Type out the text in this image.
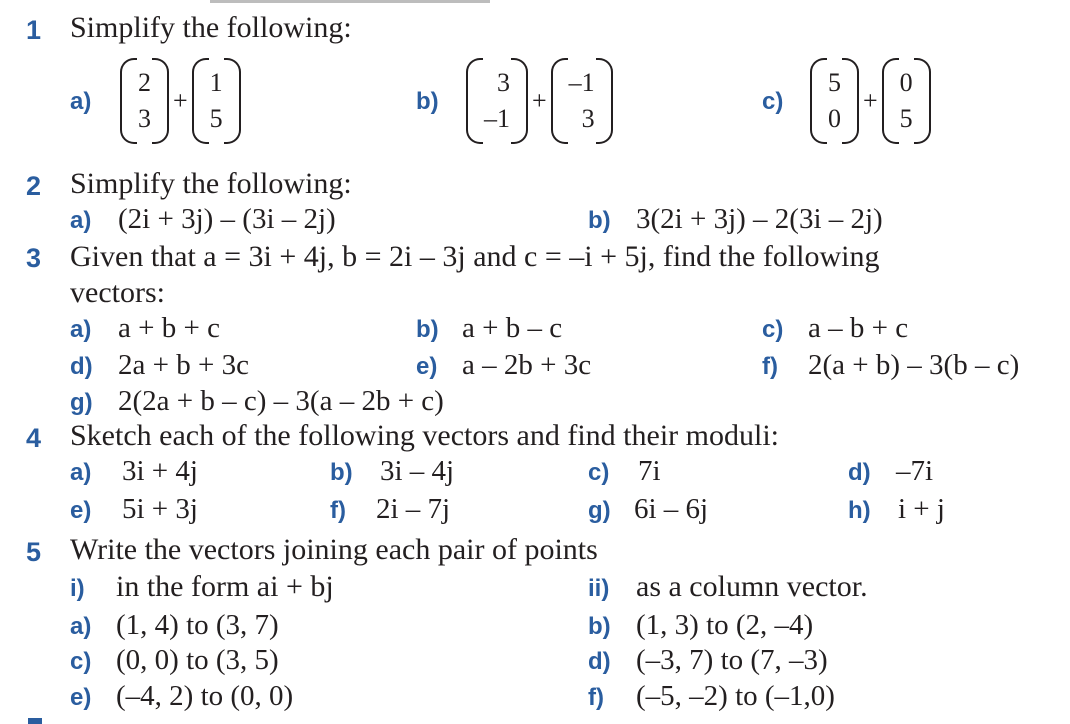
1 Simplify the following:
a)
2
3
+
1
5
b)
3
–1
+
–1
3
c)
5
0
+
0
5
2 Simplify the following:
a) (2i + 3j) – (3i – 2j)	b) 3(2i + 3j) – 2(3i – 2j)
3 Given that a = 3i + 4j, b = 2i – 3j and c = –i + 5j, find the following
vectors:
a) a + b + c	b) a + b – c	c) a – b + c
d) 2a + b + 3c	e) a – 2b + 3c	f) 2(a + b) – 3(b – c)
g) 2(2a + b – c) – 3(a – 2b + c)
4 Sketch each of the following vectors and find their moduli:
a) 3i + 4j	b) 3i – 4j	c) 7i	d) –7i
e) 5i + 3j	f) 2i – 7j	g) 6i – 6j	h) i + j
5 Write the vectors joining each pair of points
i) in the form ai + bj	ii) as a column vector.
a) (1, 4) to (3, 7)	b) (1, 3) to (2, –4)
c) (0, 0) to (3, 5)	d) (–3, 7) to (7, –3)
e) (–4, 2) to (0, 0)	f) (–5, –2) to (–1,0)
